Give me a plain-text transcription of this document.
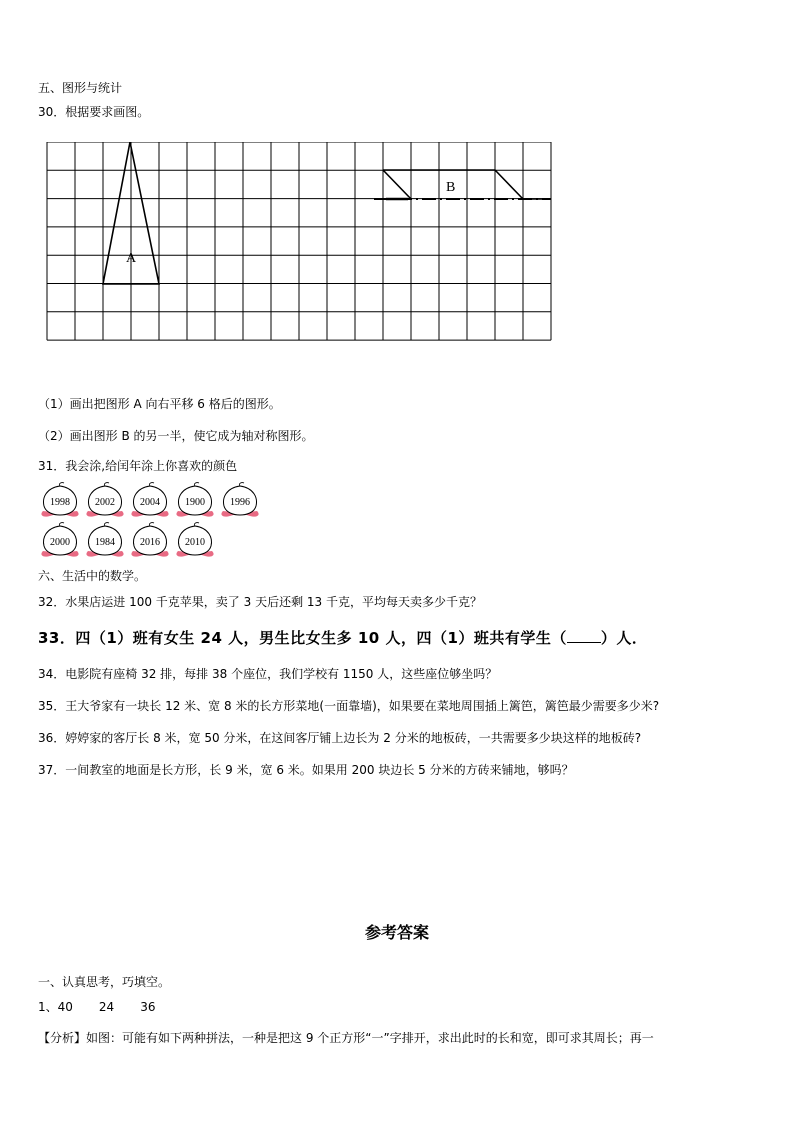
五、图形与统计
30．根据要求画图。
A
B
（1）画出把图形 A 向右平移 6 格后的图形。
（2）画出图形 B 的另一半，使它成为轴对称图形。
31．我会涂,给闰年涂上你喜欢的颜色
1998	2002	2004	1900	1996
2000	1984	2016	2010
六、生活中的数学。
32．水果店运进 100 千克苹果，卖了 3 天后还剩 13 千克，平均每天卖多少千克？
33．四（1）班有女生 24 人，男生比女生多 10 人，四（1）班共有学生（ ）人．
34．电影院有座椅 32 排，每排 38 个座位，我们学校有 1150 人，这些座位够坐吗？
35．王大爷家有一块长 12 米、宽 8 米的长方形菜地(一面靠墙)，如果要在菜地周围插上篱笆，篱笆最少需要多少米?
36．婷婷家的客厅长 8 米，宽 50 分米，在这间客厅铺上边长为 2 分米的地板砖，一共需要多少块这样的地板砖?
37．一间教室的地面是长方形，长 9 米，宽 6 米。如果用 200 块边长 5 分米的方砖来铺地，够吗？
参考答案
一、认真思考，巧填空。
1、40 24 36
【分析】如图：可能有如下两种拼法，一种是把这 9 个正方形“一”字排开，求出此时的长和宽，即可求其周长；再一
